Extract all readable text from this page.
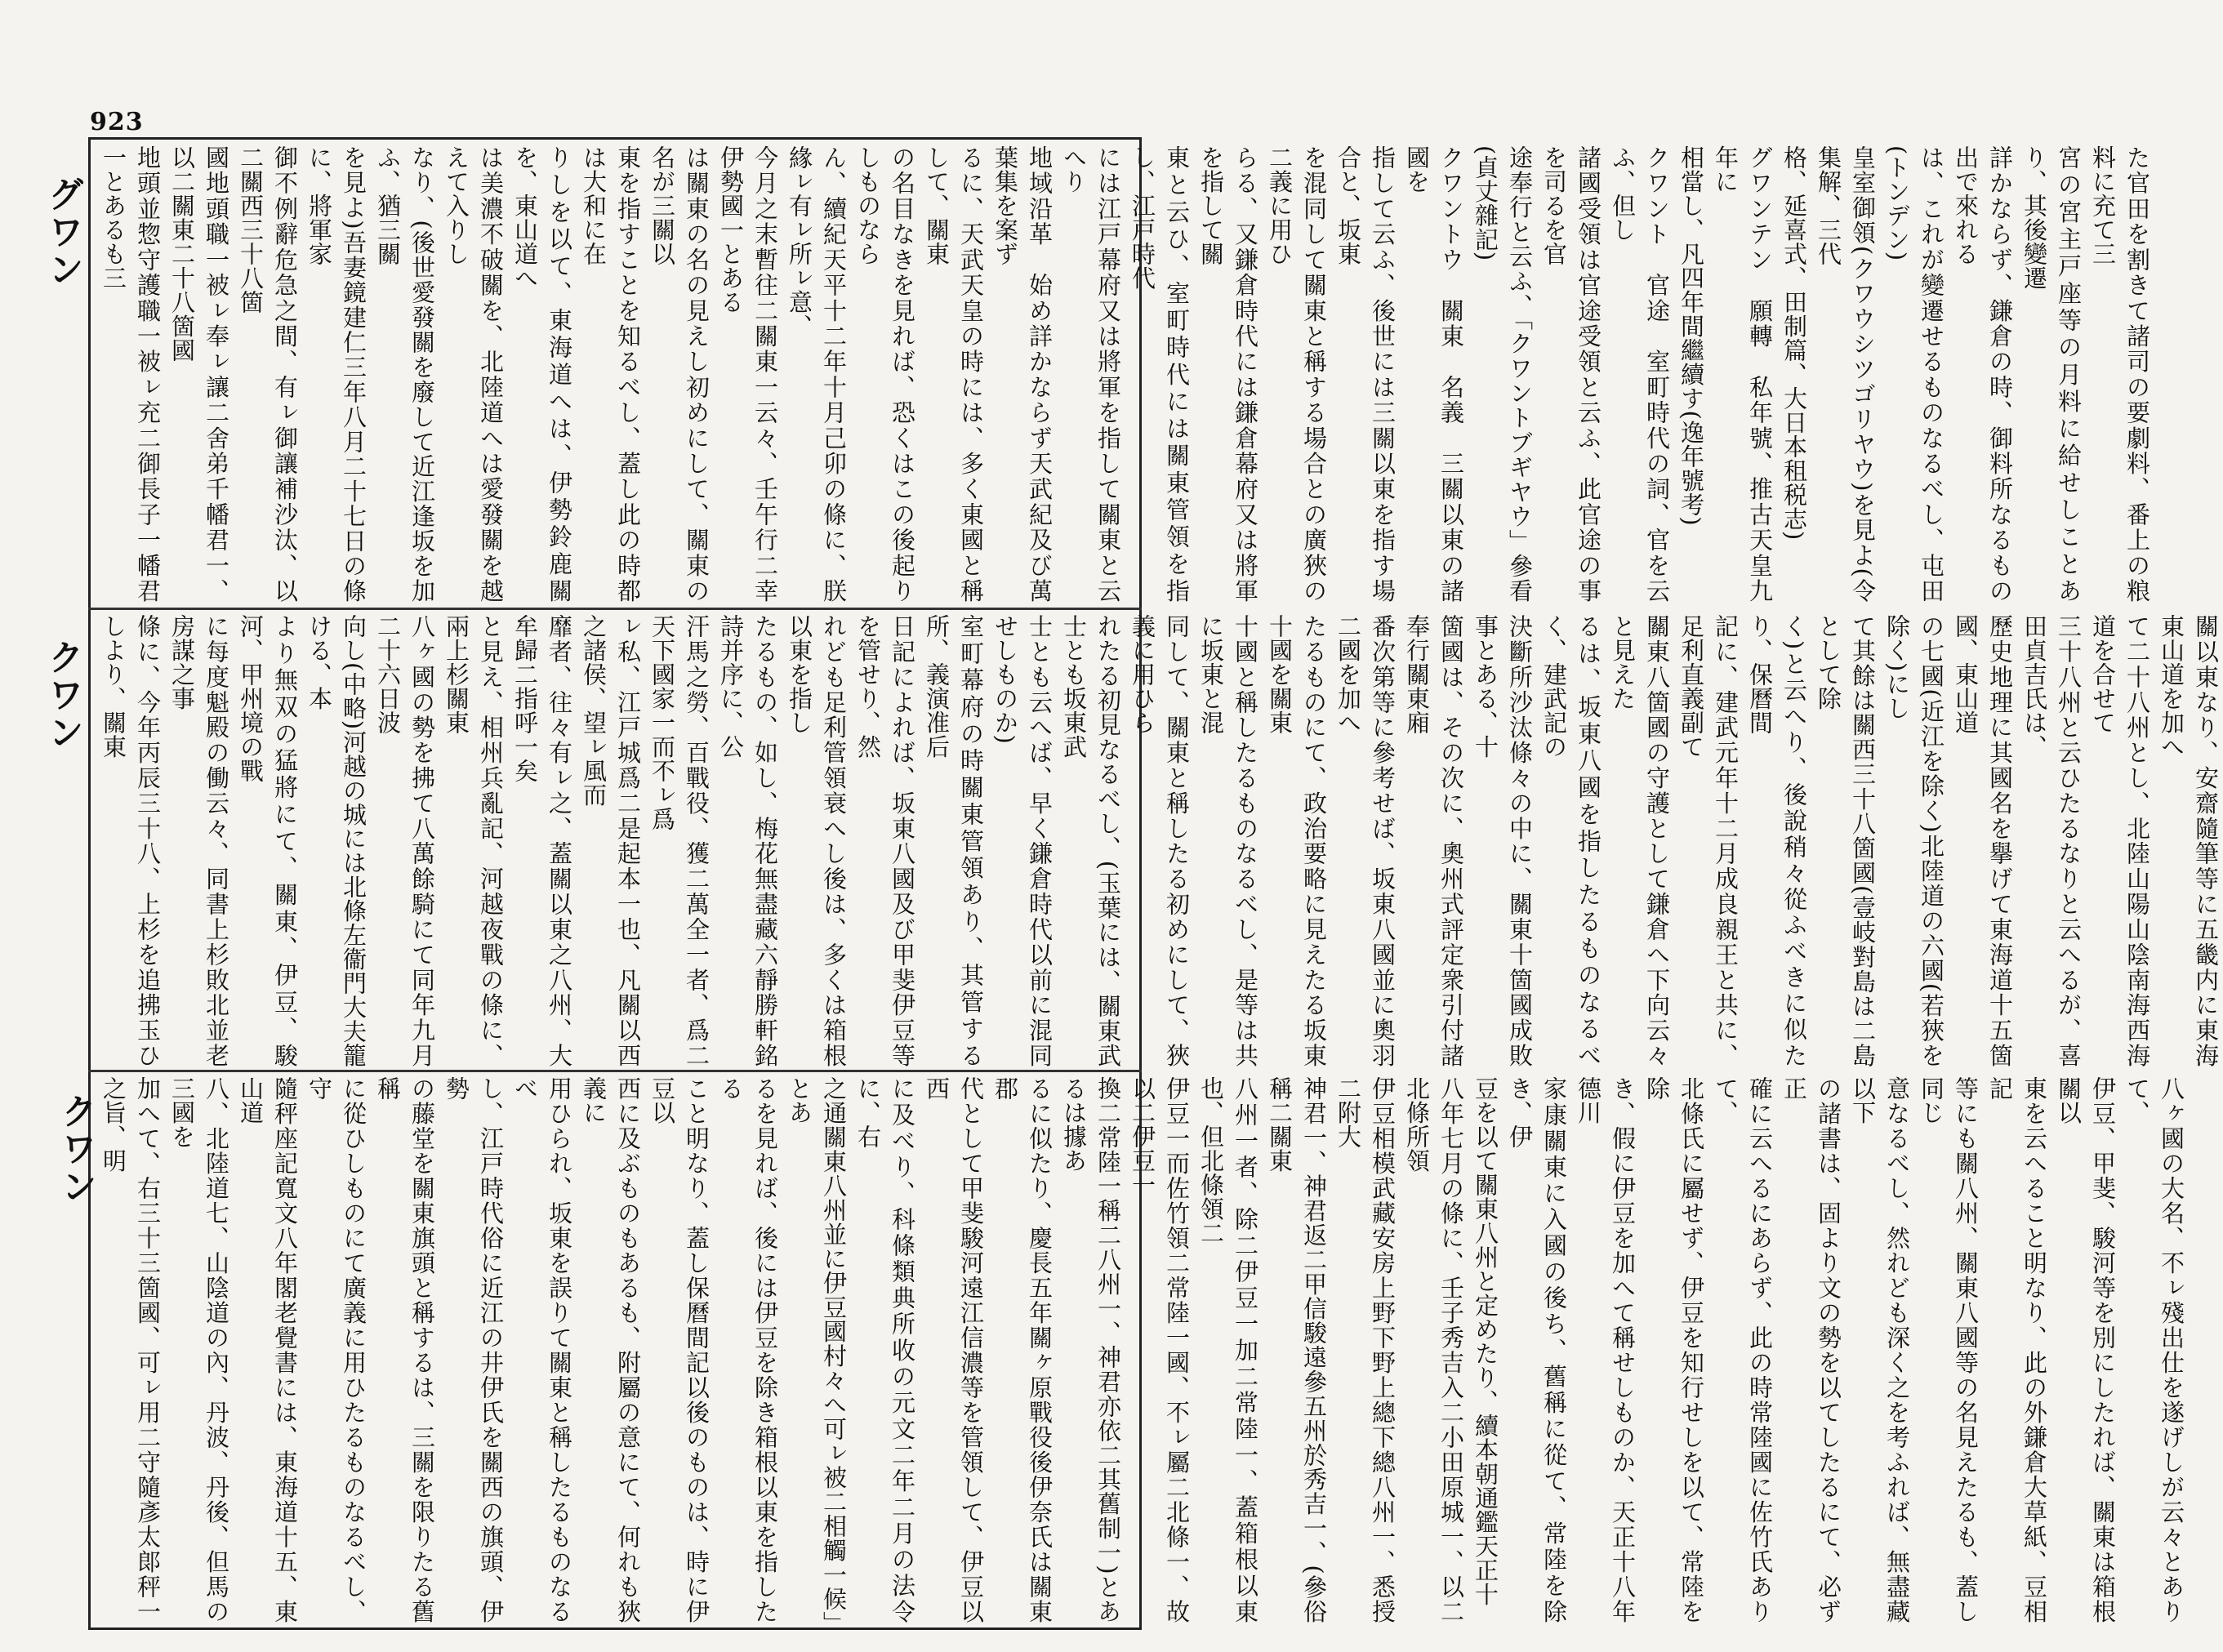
923
グワン
クワン
クワン
た官田を割きて諸司の要劇料、番上の粮料に充て三
宮の宮主戸座等の月料に給せしことあり、其後變遷
詳かならず、鎌倉の時、御料所なるもの出で來れる
は、これが變遷せるものなるべし、屯田(トンデン)
皇室御領(クワウシツゴリヤウ)を見よ(令集解、三代
格、延喜式、田制篇、大日本租税志)
グワンテン　願轉　私年號、推古天皇九年に
相當し、凡四年間繼續す(逸年號考)
クワント　官途　室町時代の詞、官を云ふ、但し
諸國受領は官途受領と云ふ、此官途の事を司るを官
途奉行と云ふ、「クワントブギヤウ」參看(貞丈雜記)
クワントウ　關東　名義　三關以東の諸國を
指して云ふ、後世には三關以東を指す場合と、坂東
を混同して關東と稱する場合との廣狹の二義に用ひ
らる、又鎌倉時代には鎌倉幕府又は將軍を指して關
東と云ひ、室町時代には關東管領を指し、江戸時代
には江戸幕府又は將軍を指して關東と云へり
地域沿革　始め詳かならず天武紀及び萬葉集を案ず
るに、天武天皇の時には、多く東國と稱して、關東
の名目なきを見れば、恐くはこの後起りしものなら
ん、續紀天平十二年十月己卯の條に、朕緣ㇾ有ㇾ所ㇾ意、
今月之末暫往二關東一云々、壬午行二幸伊勢國一とある
は關東の名の見えし初めにして、關東の名が三關以
東を指すことを知るべし、蓋し此の時都は大和に在
りしを以て、東海道へは、伊勢鈴鹿關を、東山道へ
は美濃不破關を、北陸道へは愛發關を越えて入りし
なり、(後世愛發關を廢して近江逢坂を加ふ、猶三關
を見よ)吾妻鏡建仁三年八月二十七日の條に、將軍家
御不例辭危急之間、有ㇾ御讓補沙汰、以二關西三十八箇
國地頭職一被ㇾ奉ㇾ讓二舍弟千幡君一、以二關東二十八箇國
地頭並惣守護職一被ㇾ充二御長子一幡君一とあるも三
關以東なり、安齋隨筆等に五畿内に東海東山道を加へ
て二十八州とし、北陸山陽山陰南海西海道を合せて
三十八州と云ひたるなりと云へるが、喜田貞吉氏は、
歷史地理に其國名を擧げて東海道十五箇國、東山道
の七國(近江を除く)北陸道の六國(若狹を除く)にし
て其餘は關西三十八箇國(壹岐對島は二島として除
く)と云へり、後說稍々從ふべきに似たり、保曆間
記に、建武元年十二月成良親王と共に、足利直義副て
關東八箇國の守護として鎌倉へ下向云々と見えた
るは、坂東八國を指したるものなるべく、建武記の
決斷所沙汰條々の中に、關東十箇國成敗事とある、十
箇國は、その次に、奧州式評定衆引付諸奉行關東廂
番次第等に參考せば、坂東八國並に奧羽二國を加へ
たるものにて、政治要略に見えたる坂東十國を關東
十國と稱したるものなるべし、是等は共に坂東と混
同して、關東と稱したる初めにして、狹義に用ひら
れたる初見なるべし、(玉葉には、關東武士とも坂東武
士とも云へば、早く鎌倉時代以前に混同せしものか)
室町幕府の時關東管領あり、其管する所、義演准后
日記によれば、坂東八國及び甲斐伊豆等を管せり、然
れども足利管領衰へし後は、多くは箱根以東を指し
たるもの、如し、梅花無盡藏六靜勝軒銘詩并序に、公
汗馬之勞、百戰役、獲二萬全一者、爲二天下國家一而不ㇾ爲
ㇾ私、江戸城爲二是起本一也、凡關以西之諸侯、望ㇾ風而
靡者、往々有ㇾ之、蓋關以東之八州、大牟歸二指呼一矣
と見え、相州兵亂記、河越夜戰の條に、兩上杉關東
八ヶ國の勢を拂て八萬餘騎にて同年九月二十六日波
向し(中略)河越の城には北條左衞門大夫籠ける、本
より無双の猛將にて、關東、伊豆、駿河、甲州境の戰
に每度魁殿の働云々、同書上杉敗北並老房謀之事
條に、今年丙辰三十八、上杉を追拂玉ひしより、關東
八ヶ國の大名、不ㇾ殘出仕を遂げしが云々とありて、
伊豆、甲斐、駿河等を別にしたれば、關東は箱根關以
東を云へること明なり、此の外鎌倉大草紙、豆相記
等にも關八州、關東八國等の名見えたるも、蓋し同じ
意なるべし、然れども深く之を考ふれば、無盡藏以下
の諸書は、固より文の勢を以てしたるにて、必ず正
確に云へるにあらず、此の時常陸國に佐竹氏ありて、
北條氏に屬せず、伊豆を知行せしを以て、常陸を除
き、假に伊豆を加へて稱せしものか、天正十八年德川
家康關東に入國の後ち、舊稱に從て、常陸を除き、伊
豆を以て關東八州と定めたり、續本朝通鑑天正十
八年七月の條に、壬子秀吉入二小田原城一、以二北條所領
伊豆相模武藏安房上野下野上總下總八州一、悉授二附大
神君一、神君返二甲信駿遠參五州於秀吉一、(參俗稱二關東
八州一者、除二伊豆一加二常陸一、蓋箱根以東也、但北條領二
伊豆一而佐竹領二常陸一國、不ㇾ屬二北條一、故以二伊豆一
換二常陸一稱二八州一、神君亦依二其舊制一)とあるは據あ
るに似たり、慶長五年關ヶ原戰役後伊奈氏は關東郡
代として甲斐駿河遠江信濃等を管領して、伊豆以西
に及べり、科條類典所收の元文二年二月の法令に、右
之通關東八州並に伊豆國村々へ可ㇾ被二相觸一候」とあ
るを見れば、後には伊豆を除き箱根以東を指したる
こと明なり、蓋し保曆間記以後のものは、時に伊豆以
西に及ぶものもあるも、附屬の意にて、何れも狹義に
用ひられ、坂東を誤りて關東と稱したるものなるべ
し、江戸時代俗に近江の井伊氏を關西の旗頭、伊勢
の藤堂を關東旗頭と稱するは、三關を限りたる舊稱
に從ひしものにて廣義に用ひたるものなるべし、守
隨秤座記寬文八年閣老覺書には、東海道十五、東山道
八、北陸道七、山陰道の內、丹波、丹後、但馬の三國を
加へて、右三十三箇國、可ㇾ用二守隨彥太郞秤一之旨、明
